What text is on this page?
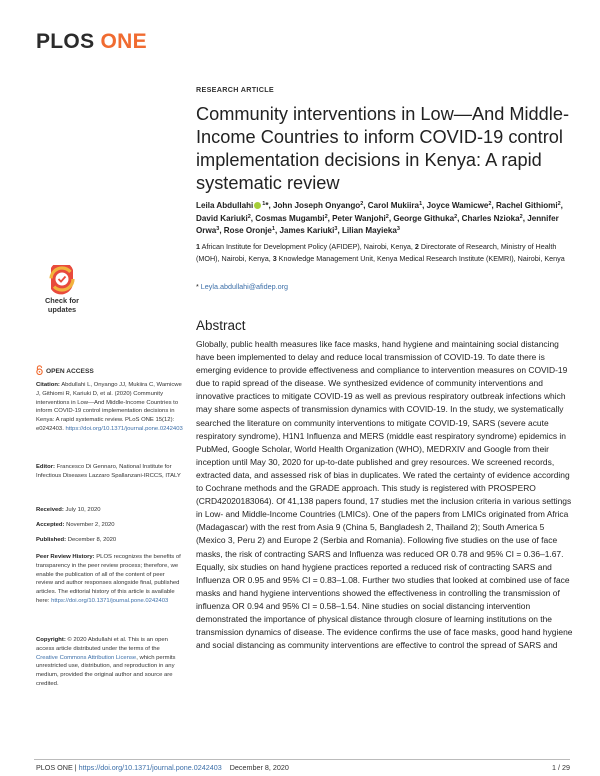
PLOS ONE
RESEARCH ARTICLE
Community interventions in Low—And Middle-Income Countries to inform COVID-19 control implementation decisions in Kenya: A rapid systematic review
Leila Abdullahi $^1$*, John Joseph Onyango$^2$, Carol Mukiira$^1$, Joyce Wamicwe$^2$, Rachel Githiomi$^2$, David Kariuki$^2$, Cosmas Mugambi$^2$, Peter Wanjohi$^2$, George Githuka$^2$, Charles Nzioka$^2$, Jennifer Orwa$^3$, Rose Oronje$^1$, James Kariuki$^3$, Lilian Mayieka$^3$
1 African Institute for Development Policy (AFIDEP), Nairobi, Kenya, 2 Directorate of Research, Ministry of Health (MOH), Nairobi, Kenya, 3 Knowledge Management Unit, Kenya Medical Research Institute (KEMRI), Nairobi, Kenya
* Leyla.abdullahi@afidep.org
Abstract
Globally, public health measures like face masks, hand hygiene and maintaining social distancing have been implemented to delay and reduce local transmission of COVID-19. To date there is emerging evidence to provide effectiveness and compliance to intervention measures on COVID-19 due to rapid spread of the disease. We synthesized evidence of community interventions and innovative practices to mitigate COVID-19 as well as previous respiratory outbreak infections which may share some aspects of transmission dynamics with COVID-19. In the study, we systematically searched the literature on community interventions to mitigate COVID-19, SARS (severe acute respiratory syndrome), H1N1 Influenza and MERS (middle east respiratory syndrome) epidemics in PubMed, Google Scholar, World Health Organization (WHO), MEDRXIV and Google from their inception until May 30, 2020 for up-to-date published and grey resources. We screened records, extracted data, and assessed risk of bias in duplicates. We rated the certainty of evidence according to Cochrane methods and the GRADE approach. This study is registered with PROSPERO (CRD42020183064). Of 41,138 papers found, 17 studies met the inclusion criteria in various settings in Low- and Middle-Income Countries (LMICs). One of the papers from LMICs originated from Africa (Madagascar) with the rest from Asia 9 (China 5, Bangladesh 2, Thailand 2); South America 5 (Mexico 3, Peru 2) and Europe 2 (Serbia and Romania). Following five studies on the use of face masks, the risk of contracting SARS and Influenza was reduced OR 0.78 and 95% CI = 0.36–1.67. Equally, six studies on hand hygiene practices reported a reduced risk of contracting SARS and Influenza OR 0.95 and 95% CI = 0.83–1.08. Further two studies that looked at combined use of face masks and hand hygiene interventions showed the effectiveness in controlling the transmission of influenza OR 0.94 and 95% CI = 0.58–1.54. Nine studies on social distancing intervention demonstrated the importance of physical distance through closure of learning institutions on the transmission dynamics of disease. The evidence confirms the use of face masks, good hand hygiene and social distancing as community interventions are effective to control the spread of SARS and
Check for updates
OPEN ACCESS
Citation: Abdullahi L, Onyango JJ, Mukiira C, Wamicwe J, Githiomi R, Kariuki D, et al. (2020) Community interventions in Low—And Middle-Income Countries to inform COVID-19 control implementation decisions in Kenya: A rapid systematic review. PLoS ONE 15(12): e0242403. https://doi.org/10.1371/journal.pone.0242403
Editor: Francesco Di Gennaro, National Institute for Infectious Diseases Lazzaro Spallanzani-IRCCS, ITALY
Received: July 10, 2020
Accepted: November 2, 2020
Published: December 8, 2020
Peer Review History: PLOS recognizes the benefits of transparency in the peer review process; therefore, we enable the publication of all of the content of peer review and author responses alongside final, published articles. The editorial history of this article is available here: https://doi.org/10.1371/journal.pone.0242403
Copyright: © 2020 Abdullahi et al. This is an open access article distributed under the terms of the Creative Commons Attribution License, which permits unrestricted use, distribution, and reproduction in any medium, provided the original author and source are credited.
PLOS ONE | https://doi.org/10.1371/journal.pone.0242403 December 8, 2020	1 / 29
